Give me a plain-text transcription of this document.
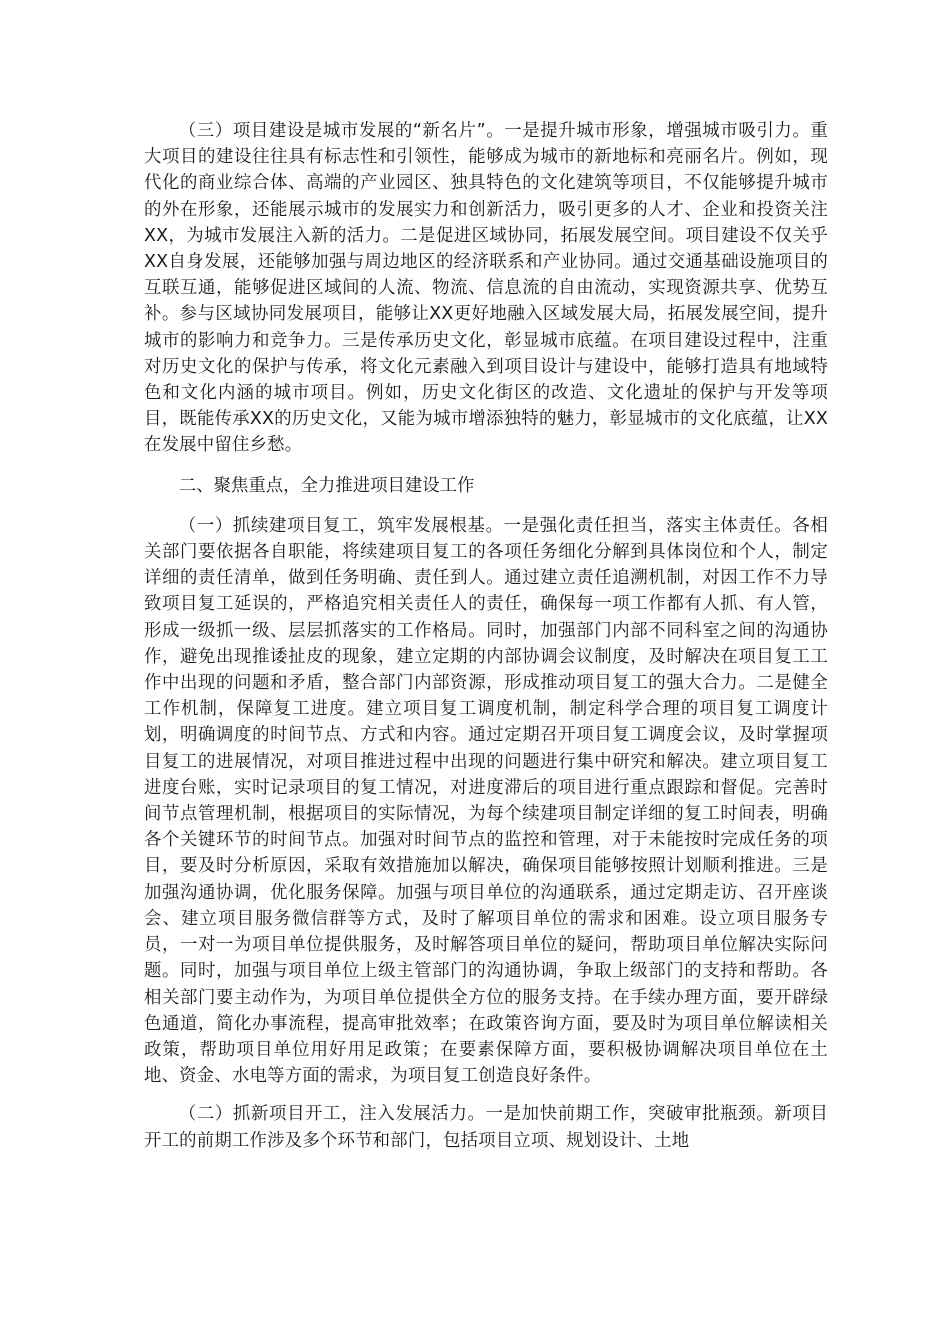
（三）项目建设是城市发展的“新名片”。一是提升城市形象，增强城市吸引力。重大项目的建设往往具有标志性和引领性，能够成为城市的新地标和亮丽名片。例如，现代化的商业综合体、高端的产业园区、独具特色的文化建筑等项目，不仅能够提升城市的外在形象，还能展示城市的发展实力和创新活力，吸引更多的人才、企业和投资关注XX，为城市发展注入新的活力。二是促进区域协同，拓展发展空间。项目建设不仅关乎XX自身发展，还能够加强与周边地区的经济联系和产业协同。通过交通基础设施项目的互联互通，能够促进区域间的人流、物流、信息流的自由流动，实现资源共享、优势互补。参与区域协同发展项目，能够让XX更好地融入区域发展大局，拓展发展空间，提升城市的影响力和竞争力。三是传承历史文化，彰显城市底蕴。在项目建设过程中，注重对历史文化的保护与传承，将文化元素融入到项目设计与建设中，能够打造具有地域特色和文化内涵的城市项目。例如，历史文化街区的改造、文化遗址的保护与开发等项目，既能传承XX的历史文化，又能为城市增添独特的魅力，彰显城市的文化底蕴，让XX在发展中留住乡愁。

二、聚焦重点，全力推进项目建设工作

（一）抓续建项目复工，筑牢发展根基。一是强化责任担当，落实主体责任。各相关部门要依据各自职能，将续建项目复工的各项任务细化分解到具体岗位和个人，制定详细的责任清单，做到任务明确、责任到人。通过建立责任追溯机制，对因工作不力导致项目复工延误的，严格追究相关责任人的责任，确保每一项工作都有人抓、有人管，形成一级抓一级、层层抓落实的工作格局。同时，加强部门内部不同科室之间的沟通协作，避免出现推诿扯皮的现象，建立定期的内部协调会议制度，及时解决在项目复工工作中出现的问题和矛盾，整合部门内部资源，形成推动项目复工的强大合力。二是健全工作机制，保障复工进度。建立项目复工调度机制，制定科学合理的项目复工调度计划，明确调度的时间节点、方式和内容。通过定期召开项目复工调度会议，及时掌握项目复工的进展情况，对项目推进过程中出现的问题进行集中研究和解决。建立项目复工进度台账，实时记录项目的复工情况，对进度滞后的项目进行重点跟踪和督促。完善时间节点管理机制，根据项目的实际情况，为每个续建项目制定详细的复工时间表，明确各个关键环节的时间节点。加强对时间节点的监控和管理，对于未能按时完成任务的项目，要及时分析原因，采取有效措施加以解决，确保项目能够按照计划顺利推进。三是加强沟通协调，优化服务保障。加强与项目单位的沟通联系，通过定期走访、召开座谈会、建立项目服务微信群等方式，及时了解项目单位的需求和困难。设立项目服务专员，一对一为项目单位提供服务，及时解答项目单位的疑问，帮助项目单位解决实际问题。同时，加强与项目单位上级主管部门的沟通协调，争取上级部门的支持和帮助。各相关部门要主动作为，为项目单位提供全方位的服务支持。在手续办理方面，要开辟绿色通道，简化办事流程，提高审批效率；在政策咨询方面，要及时为项目单位解读相关政策，帮助项目单位用好用足政策；在要素保障方面，要积极协调解决项目单位在土地、资金、水电等方面的需求，为项目复工创造良好条件。

（二）抓新项目开工，注入发展活力。一是加快前期工作，突破审批瓶颈。新项目开工的前期工作涉及多个环节和部门，包括项目立项、规划设计、土地
